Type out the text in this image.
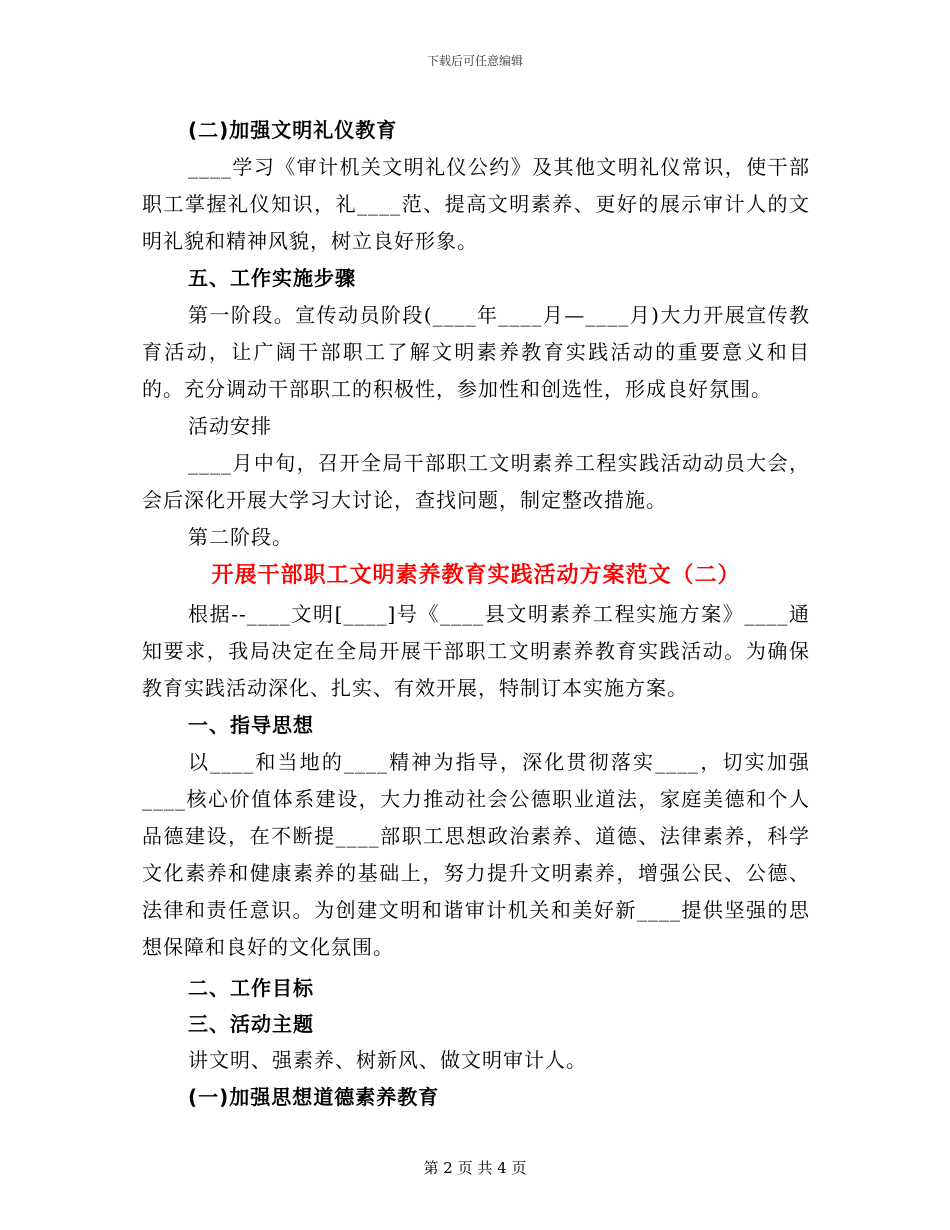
下载后可任意编辑

(二)加强文明礼仪教育

____学习《审计机关文明礼仪公约》及其他文明礼仪常识，使干部职工掌握礼仪知识，礼____范、提高文明素养、更好的展示审计人的文明礼貌和精神风貌，树立良好形象。

五、工作实施步骤

第一阶段。宣传动员阶段(____年____月—____月)大力开展宣传教育活动，让广阔干部职工了解文明素养教育实践活动的重要意义和目的。充分调动干部职工的积极性，参加性和创选性，形成良好氛围。

活动安排

____月中旬，召开全局干部职工文明素养工程实践活动动员大会，会后深化开展大学习大讨论，查找问题，制定整改措施。

第二阶段。

开展干部职工文明素养教育实践活动方案范文（二）

根据--____文明[____]号《____县文明素养工程实施方案》____通知要求，我局决定在全局开展干部职工文明素养教育实践活动。为确保教育实践活动深化、扎实、有效开展，特制订本实施方案。

一、指导思想

以____和当地的____精神为指导，深化贯彻落实____，切实加强____核心价值体系建设，大力推动社会公德职业道法，家庭美德和个人品德建设，在不断提____部职工思想政治素养、道德、法律素养，科学文化素养和健康素养的基础上，努力提升文明素养，增强公民、公德、法律和责任意识。为创建文明和谐审计机关和美好新____提供坚强的思想保障和良好的文化氛围。

二、工作目标

三、活动主题

讲文明、强素养、树新风、做文明审计人。

(一)加强思想道德素养教育

第 2 页 共 4 页
